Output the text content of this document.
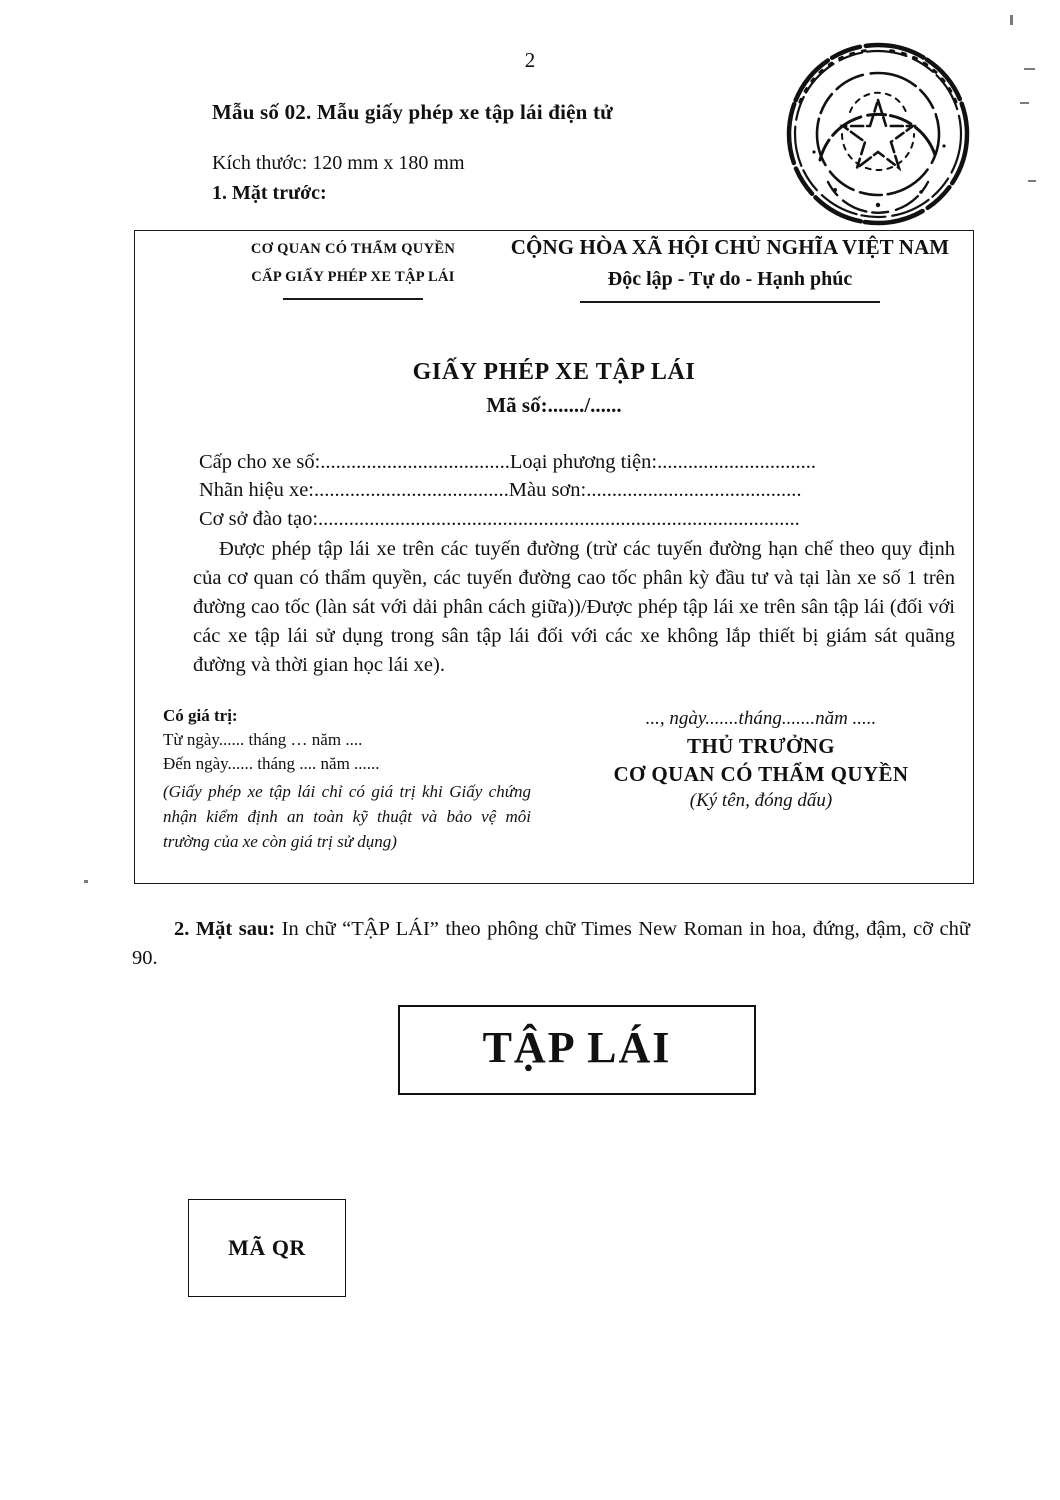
2
Mẫu số 02. Mẫu giấy phép xe tập lái điện tử
Kích thước: 120 mm x 180 mm
1. Mặt trước:
CƠ QUAN CÓ THẨM QUYỀN
CẤP GIẤY PHÉP XE TẬP LÁI
CỘNG HÒA XÃ HỘI CHỦ NGHĨA VIỆT NAM
Độc lập - Tự do - Hạnh phúc
GIẤY PHÉP XE TẬP LÁI
Mã số:......./......
Cấp cho xe số:.....................................Loại phương tiện:...............................
Nhãn hiệu xe:......................................Màu sơn:..........................................
Cơ sở đào tạo:..............................................................................................
Được phép tập lái xe trên các tuyến đường (trừ các tuyến đường hạn chế theo quy định của cơ quan có thẩm quyền, các tuyến đường cao tốc phân kỳ đầu tư và tại làn xe số 1 trên đường cao tốc (làn sát với dải phân cách giữa))/Được phép tập lái xe trên sân tập lái (đối với các xe tập lái sử dụng trong sân tập lái đối với các xe không lắp thiết bị giám sát quãng đường và thời gian học lái xe).
Có giá trị:
Từ ngày...... tháng … năm ....
Đến ngày...... tháng .... năm ......
(Giấy phép xe tập lái chỉ có giá trị khi Giấy chứng nhận kiểm định an toàn kỹ thuật và bảo vệ môi trường của xe còn giá trị sử dụng)
..., ngày.......tháng.......năm .....
THỦ TRƯỞNG
CƠ QUAN CÓ THẨM QUYỀN
(Ký tên, đóng dấu)
2. Mặt sau: In chữ “TẬP LÁI” theo phông chữ Times New Roman in hoa, đứng, đậm, cỡ chữ 90.
TẬP LÁI
MÃ QR
